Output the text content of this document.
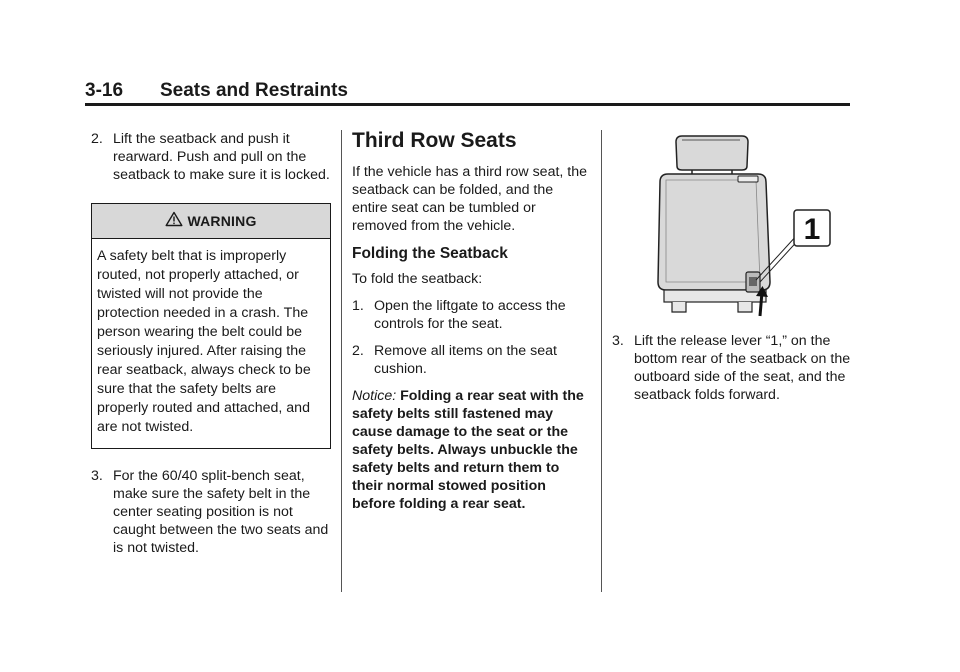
3-16 Seats and Restraints
2. Lift the seatback and push it rearward. Push and pull on the seatback to make sure it is locked.
WARNING
A safety belt that is improperly routed, not properly attached, or twisted will not provide the protection needed in a crash. The person wearing the belt could be seriously injured. After raising the rear seatback, always check to be sure that the safety belts are properly routed and attached, and are not twisted.
3. For the 60/40 split-bench seat, make sure the safety belt in the center seating position is not caught between the two seats and is not twisted.
Third Row Seats

If the vehicle has a third row seat, the seatback can be folded, and the entire seat can be tumbled or removed from the vehicle.

Folding the Seatback

To fold the seatback:

1. Open the liftgate to access the controls for the seat.
2. Remove all items on the seat cushion.

Notice: Folding a rear seat with the safety belts still fastened may cause damage to the seat or the safety belts. Always unbuckle the safety belts and return them to their normal stowed position before folding a rear seat.

1
3. Lift the release lever “1,” on the bottom rear of the seatback on the outboard side of the seat, and the seatback folds forward.
